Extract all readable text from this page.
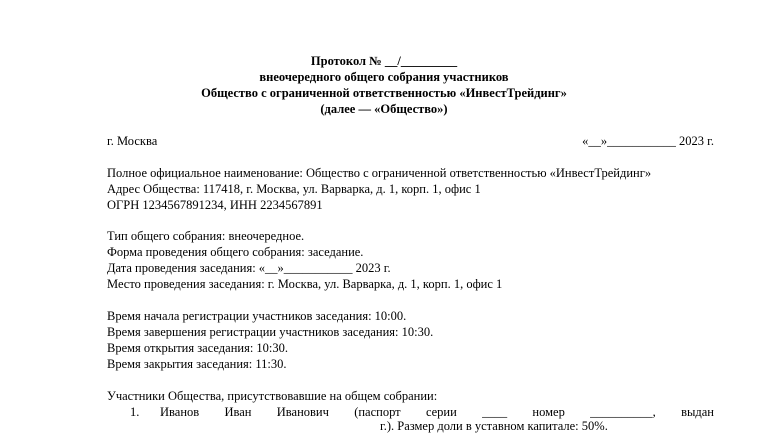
Протокол № __/_________
внеочередного общего собрания участников
Общество с ограниченной ответственностью «ИнвестТрейдинг»
(далее — «Общество»)
г. Москва	«__»___________ 2023 г.
Полное официальное наименование: Общество с ограниченной ответственностью «ИнвестТрейдинг»
Адрес Общества: 117418, г. Москва, ул. Варварка, д. 1, корп. 1, офис 1
ОГРН 1234567891234, ИНН 2234567891
Тип общего собрания: внеочередное.
Форма проведения общего собрания: заседание.
Дата проведения заседания: «__»___________ 2023 г.
Место проведения заседания: г. Москва, ул. Варварка, д. 1, корп. 1, офис 1
Время начала регистрации участников заседания: 10:00.
Время завершения регистрации участников заседания: 10:30.
Время открытия заседания: 10:30.
Время закрытия заседания: 11:30.
Участники Общества, присутствовавшие на общем собрании:
1. Иванов Иван Иванович (паспорт серии ____ номер __________, выдан
г.). Размер доли в уставном капитале: 50%.
